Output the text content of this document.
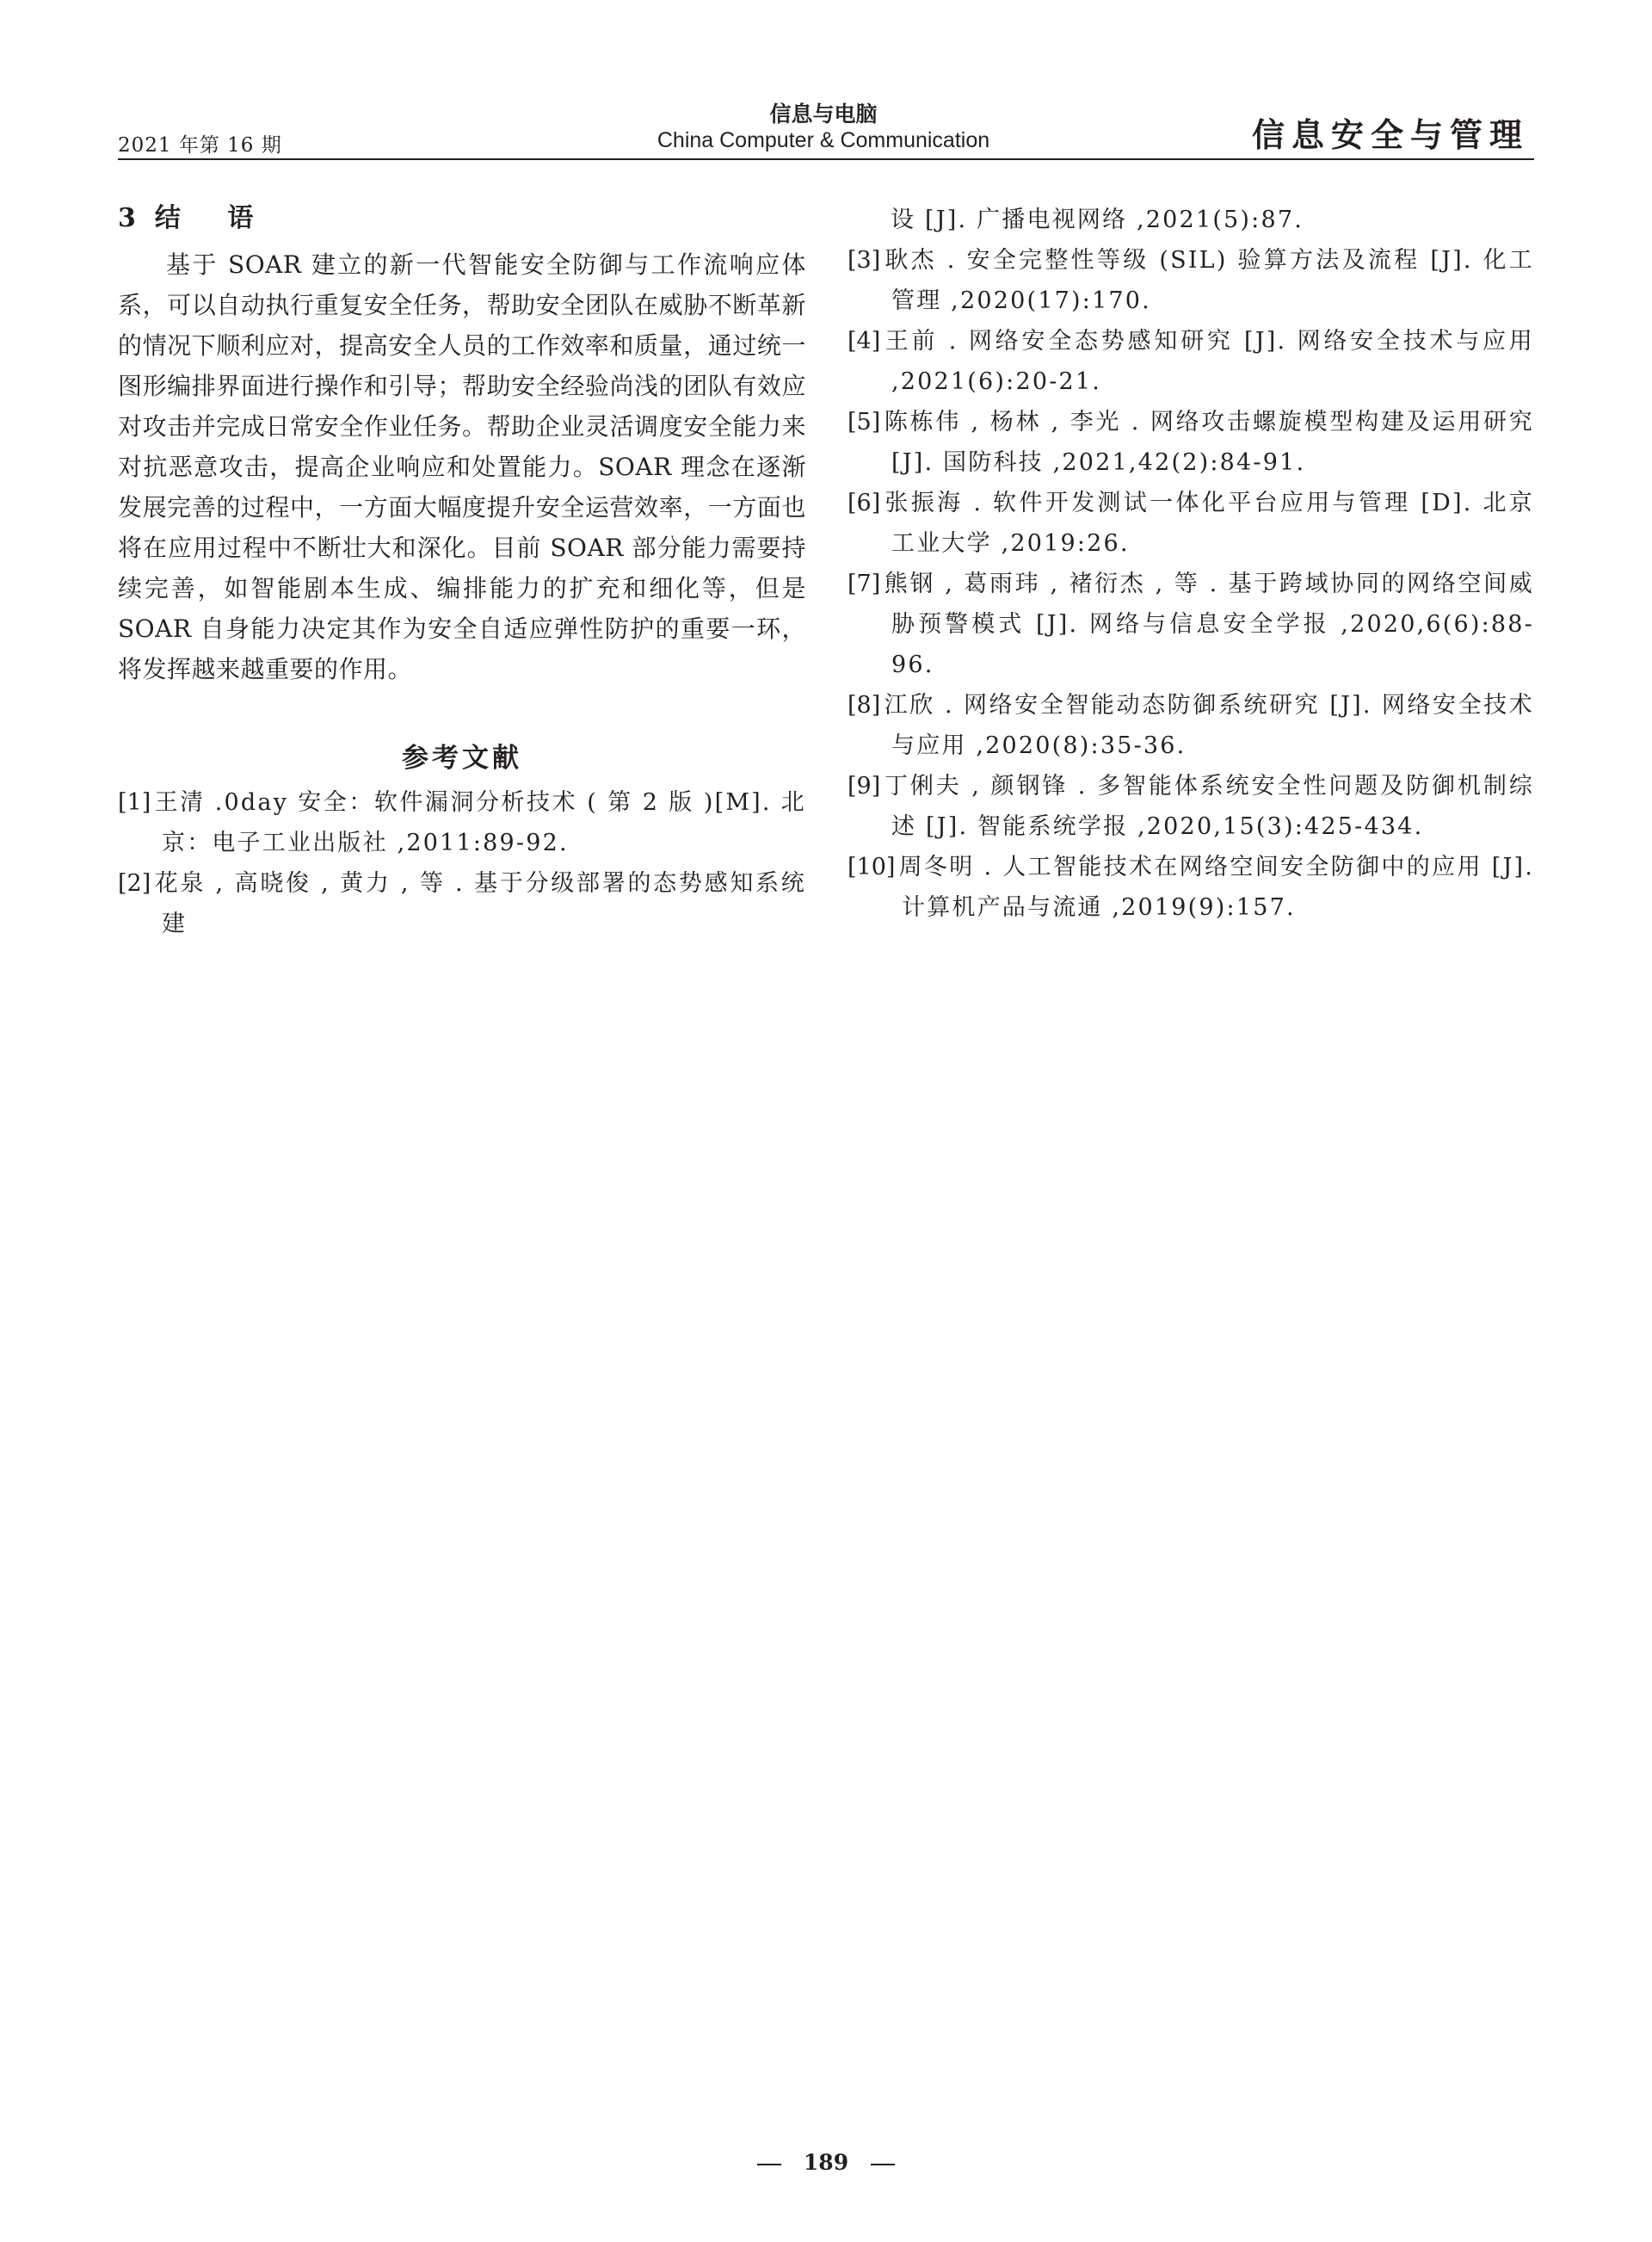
2021 年第 16 期
信息与电脑
China Computer & Communication	信息安全与管理
3 结 语

基于 SOAR 建立的新一代智能安全防御与工作流响应体系，可以自动执行重复安全任务，帮助安全团队在威胁不断革新的情况下顺利应对，提高安全人员的工作效率和质量，通过统一图形编排界面进行操作和引导；帮助安全经验尚浅的团队有效应对攻击并完成日常安全作业任务。帮助企业灵活调度安全能力来对抗恶意攻击，提高企业响应和处置能力。SOAR 理念在逐渐发展完善的过程中，一方面大幅度提升安全运营效率，一方面也将在应用过程中不断壮大和深化。目前 SOAR 部分能力需要持续完善，如智能剧本生成、编排能力的扩充和细化等，但是 SOAR 自身能力决定其作为安全自适应弹性防护的重要一环，将发挥越来越重要的作用。

参考文献

[1] 王清 .0day 安全：软件漏洞分析技术 ( 第 2 版 )[M]. 北京：电子工业出版社 ,2011:89-92.

[2] 花泉 , 高晓俊 , 黄力 , 等 . 基于分级部署的态势感知系统建

设 [J]. 广播电视网络 ,2021(5):87.

[3] 耿杰 . 安全完整性等级 (SIL) 验算方法及流程 [J]. 化工管理 ,2020(17):170.

[4] 王前 . 网络安全态势感知研究 [J]. 网络安全技术与应用 ,2021(6):20-21.

[5] 陈栋伟 , 杨林 , 李光 . 网络攻击螺旋模型构建及运用研究 [J]. 国防科技 ,2021,42(2):84-91.

[6] 张振海 . 软件开发测试一体化平台应用与管理 [D]. 北京工业大学 ,2019:26.

[7] 熊钢 , 葛雨玮 , 褚衍杰 , 等 . 基于跨域协同的网络空间威胁预警模式 [J]. 网络与信息安全学报 ,2020,6(6):88-96.

[8] 江欣 . 网络安全智能动态防御系统研究 [J]. 网络安全技术与应用 ,2020(8):35-36.

[9] 丁俐夫 , 颜钢锋 . 多智能体系统安全性问题及防御机制综述 [J]. 智能系统学报 ,2020,15(3):425-434.

[10] 周冬明 . 人工智能技术在网络空间安全防御中的应用 [J]. 计算机产品与流通 ,2019(9):157.

189
